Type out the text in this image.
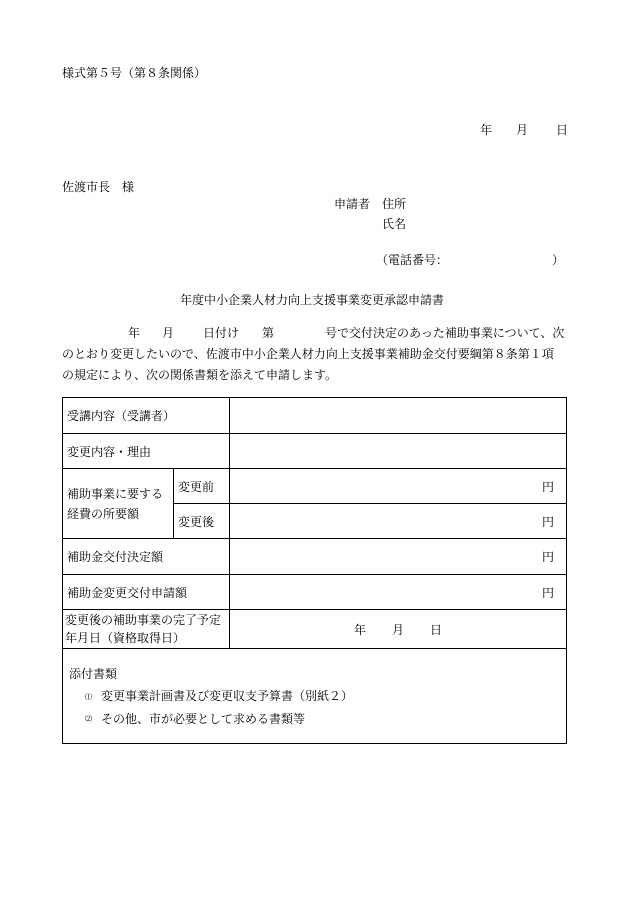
様式第５号（第８条関係）
年 月 日
佐渡市長　様
申請者　住所
氏名
（電話番号：	）
年度中小企業人材力向上支援事業変更承認申請書
年 月 日付け 第	号で交付決定のあった補助事業について、次
のとおり変更したいので、佐渡市中小企業人材力向上支援事業補助金交付要綱第８条第１項
の規定により、次の関係書類を添えて申請します。
受講内容（受講者）		
変更内容・理由		
補助事業に要する経費の所要額	変更前	円
	変更後	円
補助金交付決定額		円
補助金変更交付申請額		円
変更後の補助事業の完了予定年月日（資格取得日）		年 月 日

添付書類
⑴ 変更事業計画書及び変更収支予算書（別紙２）
⑵ その他、市が必要として求める書類等		
